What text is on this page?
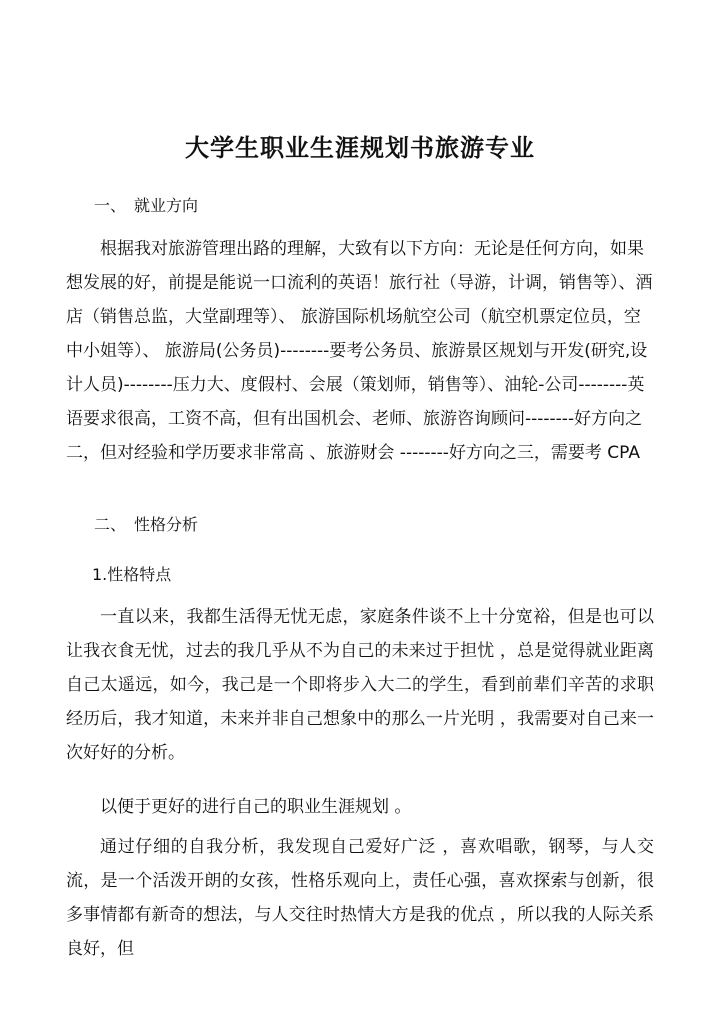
大学生职业生涯规划书旅游专业
一、 就业方向

根据我对旅游管理出路的理解，大致有以下方向：无论是任何方向，如果想发展的好，前提是能说一口流利的英语！旅行社（导游，计调，销售等）、酒店（销售总监，大堂副理等）、 旅游国际机场航空公司（航空机票定位员，空中小姐等）、 旅游局(公务员)--------要考公务员、旅游景区规划与开发(研究,设计人员)--------压力大、度假村、会展（策划师，销售等）、油轮-公司--------英语要求很高，工资不高，但有出国机会、老师、旅游咨询顾问--------好方向之二，但对经验和学历要求非常高 、旅游财会 --------好方向之三，需要考 CPA

二、 性格分析
1.性格特点

一直以来，我都生活得无忧无虑，家庭条件谈不上十分宽裕，但是也可以让我衣食无忧，过去的我几乎从不为自己的未来过于担忧 ，总是觉得就业距离自己太遥远，如今，我己是一个即将步入大二的学生，看到前辈们辛苦的求职经历后，我才知道，未来并非自己想象中的那么一片光明 ，我需要对自己来一次好好的分析。

以便于更好的进行自己的职业生涯规划 。

通过仔细的自我分析，我发现自己爱好广泛 ，喜欢唱歌，钢琴，与人交流，是一个活泼开朗的女孩，性格乐观向上，责任心强，喜欢探索与创新，很多事情都有新奇的想法，与人交往时热情大方是我的优点 ，所以我的人际关系良好，但
